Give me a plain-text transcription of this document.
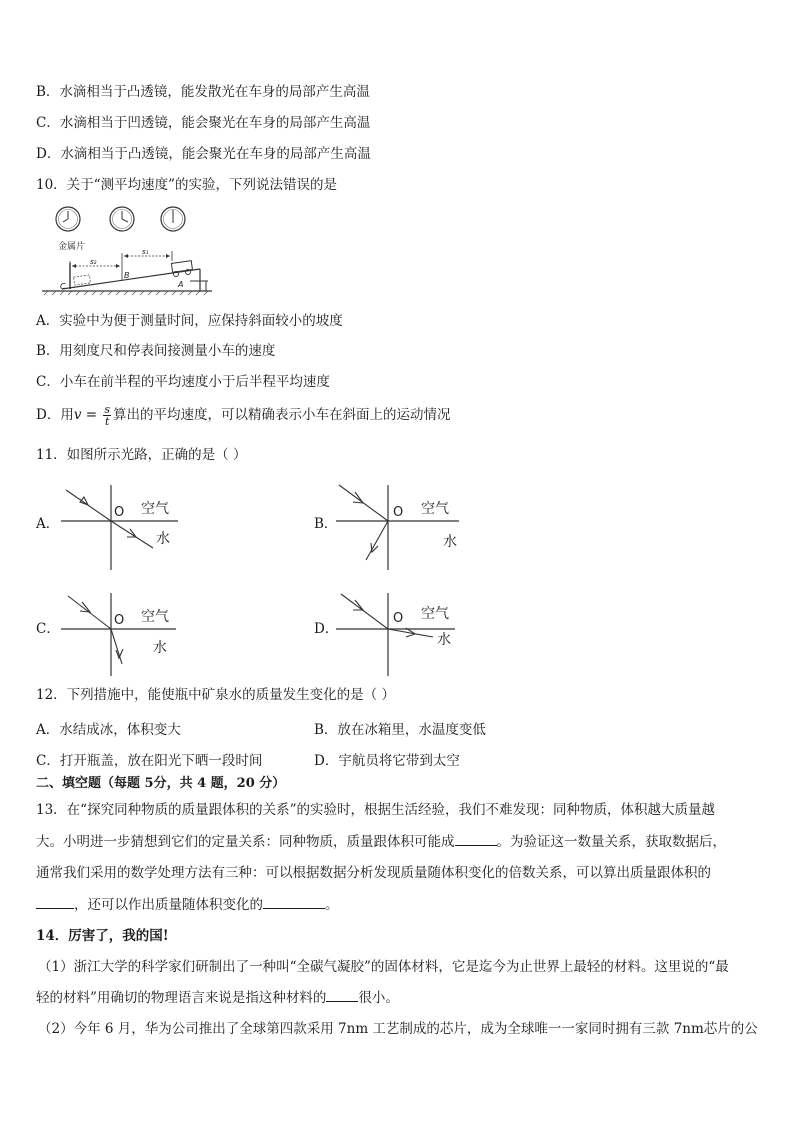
B．水滴相当于凸透镜，能发散光在车身的局部产生高温
C．水滴相当于凹透镜，能会聚光在车身的局部产生高温
D．水滴相当于凸透镜，能会聚光在车身的局部产生高温
10．关于“测平均速度”的实验，下列说法错误的是
金属片
C
B
A
s₁
s₂
A．实验中为便于测量时间，应保持斜面较小的坡度
B．用刻度尺和停表间接测量小车的速度
C．小车在前半程的平均速度小于后半程平均速度
D．用$v = \frac{s}{t}$ 算出的平均速度，可以精确表示小车在斜面上的运动情况
11．如图所示光路，正确的是（ ）
A．
O 空气
水
B．
O 空气
水
C．
O 空气
水
D．
O 空气
水
12．下列措施中，能使瓶中矿泉水的质量发生变化的是（ ）
A．水结成冰，体积变大	B．放在冰箱里，水温度变低
C．打开瓶盖，放在阳光下晒一段时间	D．宇航员将它带到太空
二、填空题（每题 5分，共 4 题，20 分）
13．在“探究同种物质的质量跟体积的关系”的实验时，根据生活经验，我们不难发现：同种物质，体积越大质量越
大。小明进一步猜想到它们的定量关系：同种物质，质量跟体积可能成	。为验证这一数量关系，获取数据后，
通常我们采用的数学处理方法有三种：可以根据数据分析发现质量随体积变化的倍数关系，可以算出质量跟体积的
，还可以作出质量随体积变化的	。
14．厉害了，我的国!
（1）浙江大学的科学家们研制出了一种叫“全碳气凝胶”的固体材料，它是迄今为止世界上最轻的材料。这里说的“最
轻的材料”用确切的物理语言来说是指这种材料的 很小。
（2）今年 6 月，华为公司推出了全球第四款采用 7nm 工艺制成的芯片，成为全球唯一一家同时拥有三款 7nm芯片的公
